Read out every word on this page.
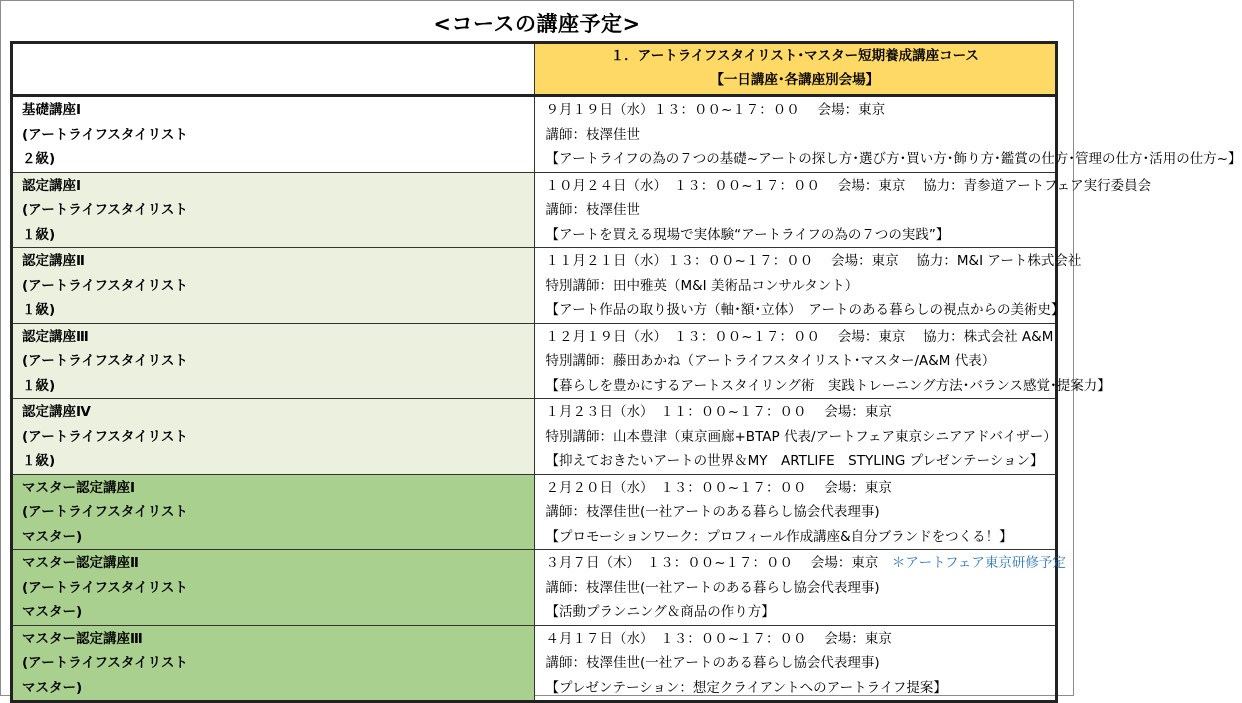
<コースの講座予定>

	１．アートライフスタイリスト･マスター短期養成講座コース
【一日講座･各講座別会場】

基礎講座Ⅰ
(アートライフスタイリスト
２級)	９月１９日（水）１３：００~１７：００　 会場：東京
講師：枝澤佳世
【アートライフの為の７つの基礎~アートの探し方･選び方･買い方･飾り方･鑑賞の仕方･管理の仕方･活用の仕方~】

認定講座Ⅰ
(アートライフスタイリスト
１級)	１０月２４日（水）　１３：００~１７：００　 会場：東京　 協力：青参道アートフェア実行委員会
講師：枝澤佳世
【アートを買える現場で実体験“アートライフの為の７つの実践”】

認定講座Ⅱ
(アートライフスタイリスト
１級)	１１月２１日（水）１３：００~１７：００　 会場：東京　 協力：M&I アート株式会社
特別講師：田中雅英（M&I 美術品コンサルタント）
【アート作品の取り扱い方（軸･額･立体）　アートのある暮らしの視点からの美術史】

認定講座Ⅲ
(アートライフスタイリスト
１級)	１２月１９日（水）　１３：００~１７：００　 会場：東京　 協力：株式会社 A&M
特別講師：藤田あかね（アートライフスタイリスト･マスター/A&M 代表）
【暮らしを豊かにするアートスタイリング術　実践トレーニング方法･バランス感覚･提案力】

認定講座Ⅳ
(アートライフスタイリスト
１級)	１月２３日（水）　１１：００~１７：００　 会場：東京
特別講師：山本豊津（東京画廊+BTAP 代表/アートフェア東京シニアアドバイザー）
【抑えておきたいアートの世界＆MY　ARTLIFE　STYLING プレゼンテーション】

マスター認定講座Ⅰ
(アートライフスタイリスト
マスター)	２月２０日（水）　１３：００~１７：００　 会場：東京
講師：枝澤佳世(一社アートのある暮らし協会代表理事)
【プロモーションワーク：プロフィール作成講座&自分ブランドをつくる！】

マスター認定講座Ⅱ
(アートライフスタイリスト
マスター)	３月７日（木）　１３：００~１７：００　 会場：東京　＊アートフェア東京研修予定
講師：枝澤佳世(一社アートのある暮らし協会代表理事)
【活動プランニング＆商品の作り方】

マスター認定講座Ⅲ
(アートライフスタイリスト
マスター)	４月１７日（水）　１３：００~１７：００　 会場：東京
講師：枝澤佳世(一社アートのある暮らし協会代表理事)
【プレゼンテーション：想定クライアントへのアートライフ提案】
